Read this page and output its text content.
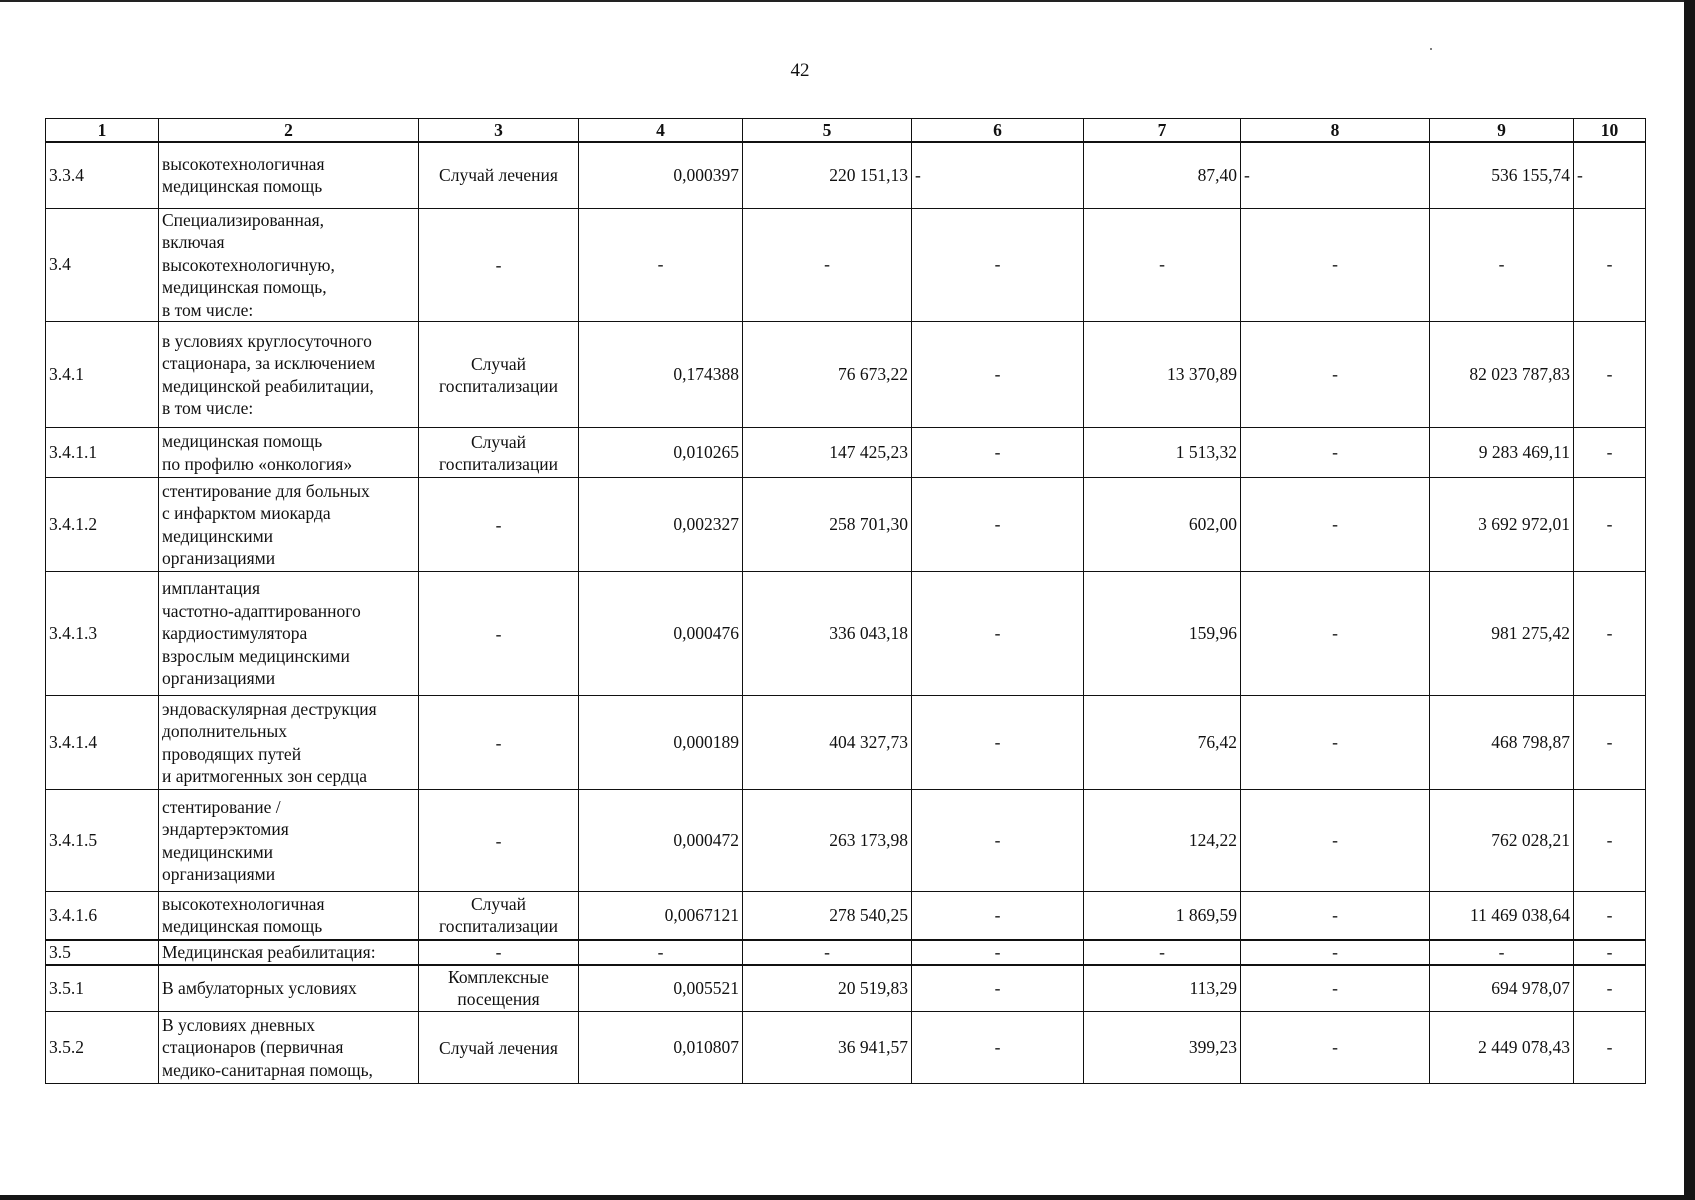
42
1	2	3	4	5	6	7	8	9	10
3.3.4	высокотехнологичная
медицинская помощь	Случай лечения	0,000397	220 151,13	-	87,40	-	536 155,74	-
3.4	Специализированная,
включая
высокотехнологичную,
медицинская помощь,
в том числе:	-	-	-	-	-	-	-	-
3.4.1	в условиях круглосуточного
стационара, за исключением
медицинской реабилитации,
в том числе:	Случай
госпитализации	0,174388	76 673,22	-	13 370,89	-	82 023 787,83	-
3.4.1.1	медицинская помощь
по профилю «онкология»	Случай
госпитализации	0,010265	147 425,23	-	1 513,32	-	9 283 469,11	-
3.4.1.2	стентирование для больных
с инфарктом миокарда
медицинскими
организациями	-	0,002327	258 701,30	-	602,00	-	3 692 972,01	-
3.4.1.3	имплантация
частотно-адаптированного
кардиостимулятора
взрослым медицинскими
организациями	-	0,000476	336 043,18	-	159,96	-	981 275,42	-
3.4.1.4	эндоваскулярная деструкция
дополнительных
проводящих путей
и аритмогенных зон сердца	-	0,000189	404 327,73	-	76,42	-	468 798,87	-
3.4.1.5	стентирование /
эндартерэктомия
медицинскими
организациями	-	0,000472	263 173,98	-	124,22	-	762 028,21	-
3.4.1.6	высокотехнологичная
медицинская помощь	Случай
госпитализации	0,0067121	278 540,25	-	1 869,59	-	11 469 038,64	-
3.5	Медицинская реабилитация:	-	-	-	-	-	-	-	-
3.5.1	В амбулаторных условиях	Комплексные
посещения	0,005521	20 519,83	-	113,29	-	694 978,07	-
3.5.2	В условиях дневных
стационаров (первичная
медико-санитарная помощь,	Случай лечения	0,010807	36 941,57	-	399,23	-	2 449 078,43	-
